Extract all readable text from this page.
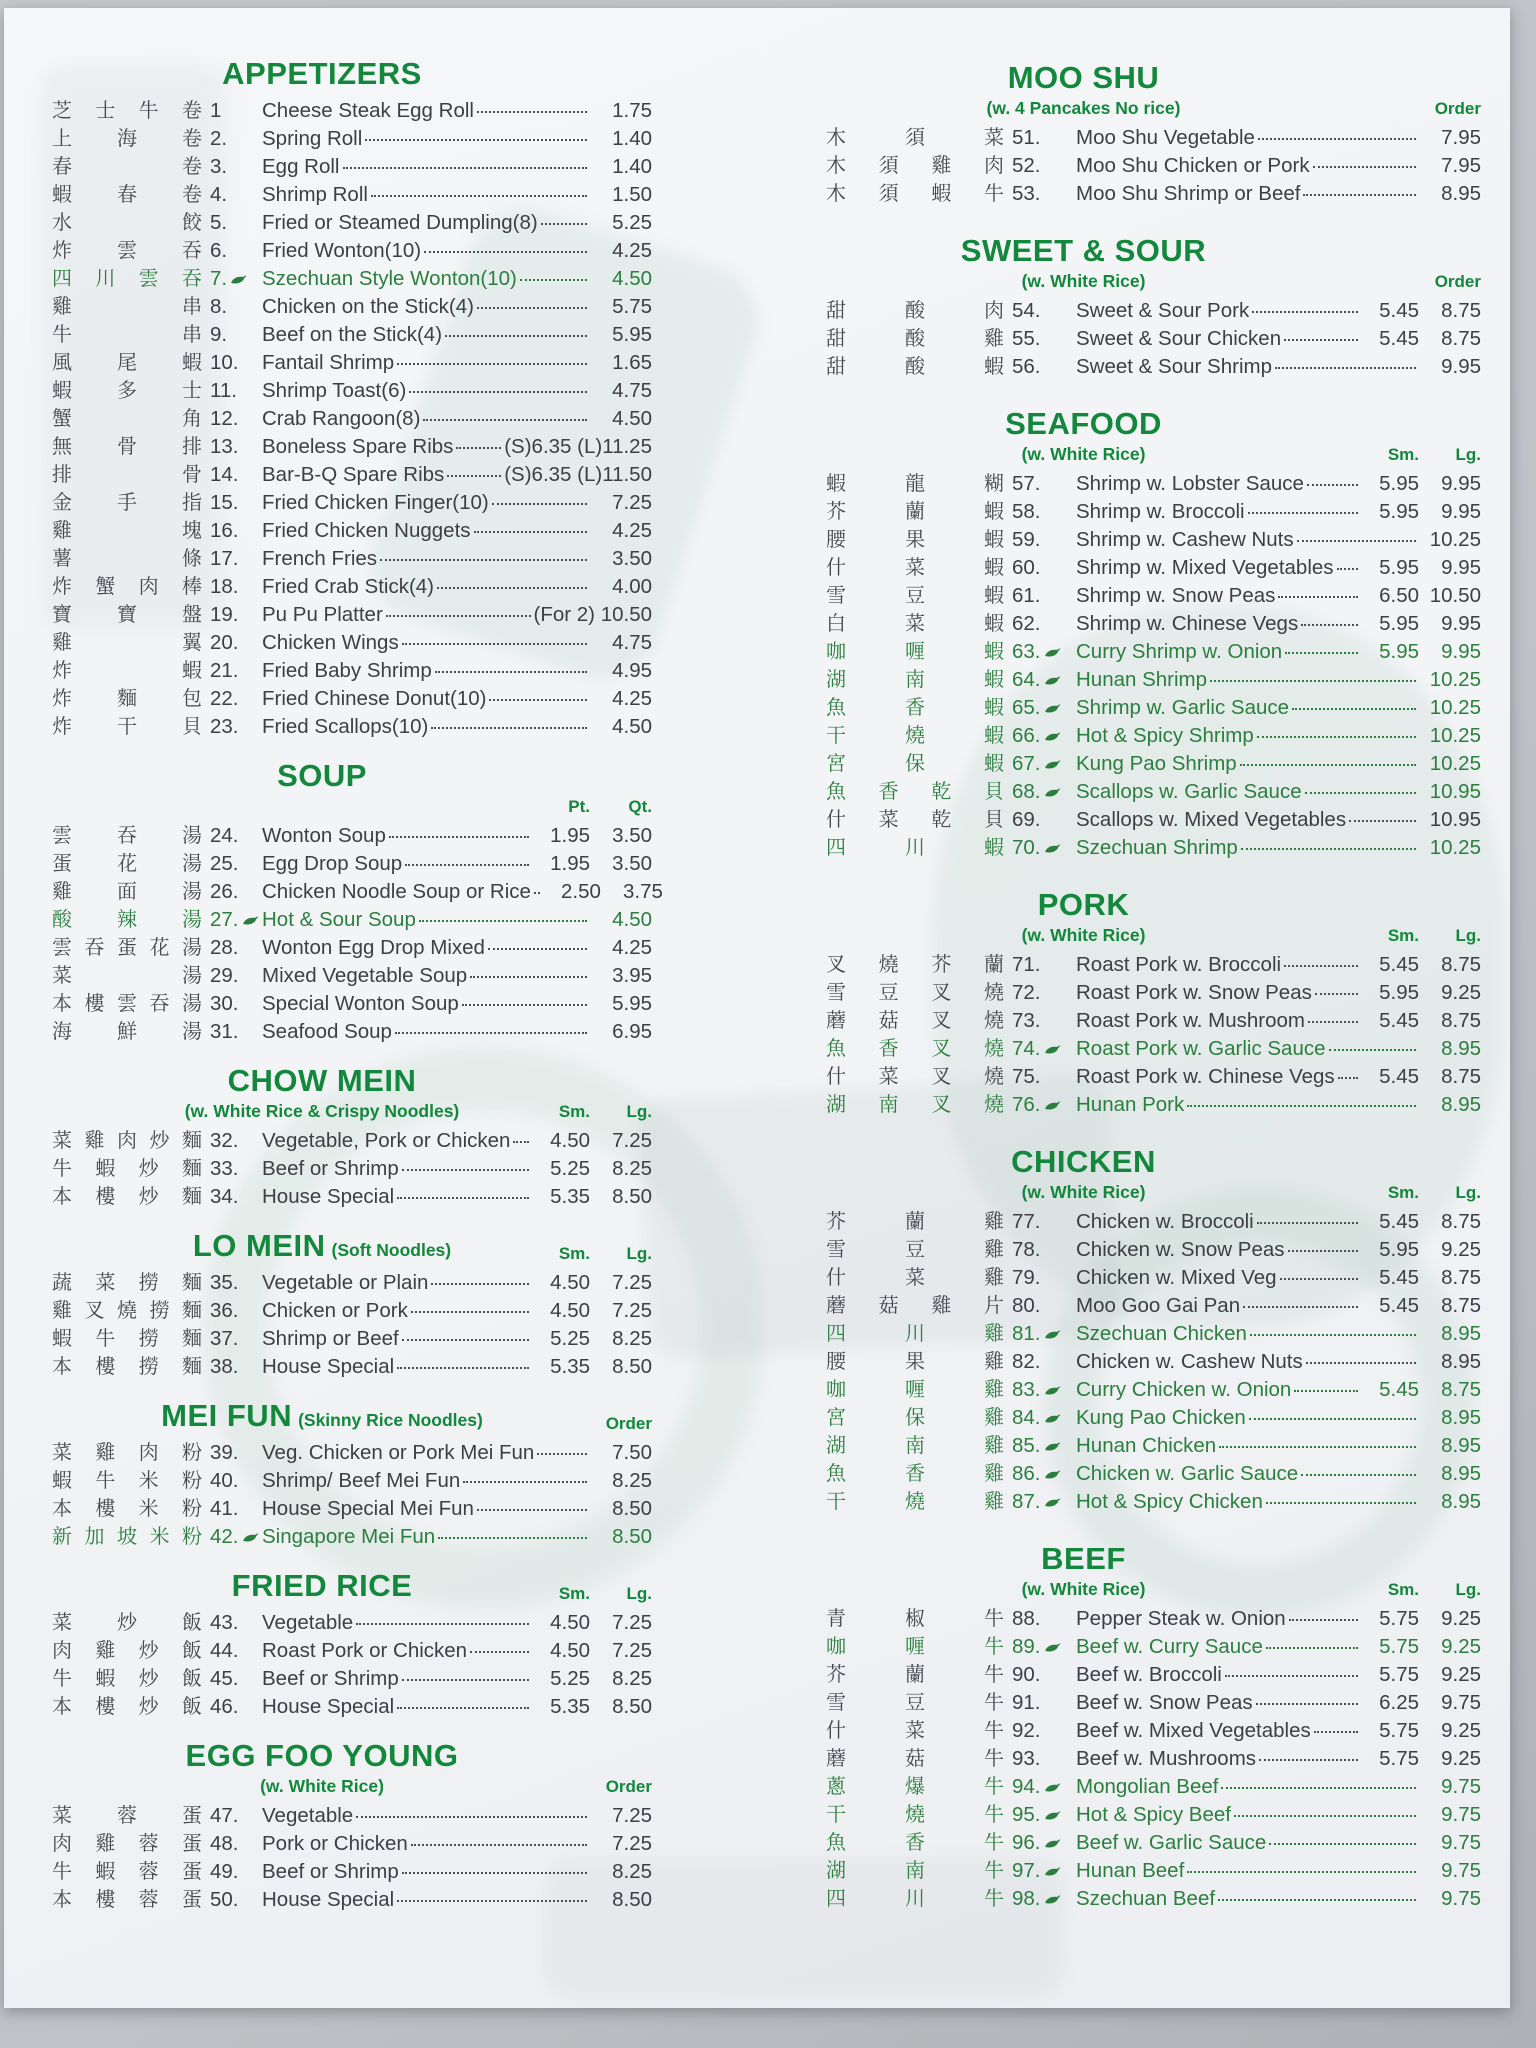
APPETIZERS
芝 士 牛 卷 1	Cheese Steak Egg Roll	1.75
上 海 卷 2.	Spring Roll	1.40
春	卷 3.	Egg Roll	1.40
蝦 春 卷 4.	Shrimp Roll	1.50
水	餃 5.	Fried or Steamed Dumpling(8)	5.25
炸 雲 吞 6.	Fried Wonton(10)	4.25
四 川 雲 吞 7.	Szechuan Style Wonton(10)	4.50
雞	串 8.	Chicken on the Stick(4)	5.75
牛	串 9.	Beef on the Stick(4)	5.95
風 尾 蝦 10.	Fantail Shrimp	1.65
蝦 多 士 11.	Shrimp Toast(6)	4.75
蟹	角 12.	Crab Rangoon(8)	4.50
無 骨 排 13.	Boneless Spare Ribs (S)6.35 (L)11.25
排	骨 14.	Bar-B-Q Spare Ribs	(S)6.35 (L)11.50
金 手 指 15.	Fried Chicken Finger(10)	7.25
雞	塊 16.	Fried Chicken Nuggets	4.25
薯	條 17.	French Fries	3.50
炸 蟹 肉 棒 18.	Fried Crab Stick(4)	4.00
寶 寶 盤 19.	Pu Pu Platter	(For 2) 10.50
雞	翼 20.	Chicken Wings	4.75
炸	蝦 21.	Fried Baby Shrimp	4.95
炸 麵 包 22.	Fried Chinese Donut(10)	4.25
炸 干 貝 23.	Fried Scallops(10)	4.50
SOUP
Pt.	Qt.
雲 吞 湯 24.	Wonton Soup	1.95	3.50
蛋 花 湯 25.	Egg Drop Soup	1.95	3.50
雞 面 湯 26.	Chicken Noodle Soup or Rice	2.50	3.75
酸 辣 湯 27.	Hot & Sour Soup	4.50
雲 吞 蛋 花 湯 28.	Wonton Egg Drop Mixed	4.25
菜	湯 29.	Mixed Vegetable Soup	3.95
本 樓 雲 吞 湯 30.	Special Wonton Soup	5.95
海 鮮 湯 31.	Seafood Soup	6.95
CHOW MEIN
(w. White Rice & Crispy Noodles)	Sm.	Lg.
菜 雞 肉 炒 麵 32.	Vegetable, Pork or Chicken	4.50	7.25
牛 蝦 炒 麵 33.	Beef or Shrimp	5.25	8.25
本 樓 炒 麵 34.	House Special	5.35	8.50
LO MEIN (Soft Noodles)	Sm.	Lg.
蔬 菜 撈 麵 35.	Vegetable or Plain	4.50	7.25
雞 叉 燒 撈 麵 36.	Chicken or Pork	4.50	7.25
蝦 牛 撈 麵 37.	Shrimp or Beef	5.25	8.25
本 樓 撈 麵 38.	House Special	5.35	8.50
MEI FUN (Skinny Rice Noodles)	Order
菜 雞 肉 粉 39.	Veg. Chicken or Pork Mei Fun	7.50
蝦 牛 米 粉 40.	Shrimp/ Beef Mei Fun	8.25
本 樓 米 粉 41.	House Special Mei Fun	8.50
新 加 坡 米 粉 42.	Singapore Mei Fun	8.50
FRIED RICE	Sm.	Lg.
菜 炒 飯 43.	Vegetable	4.50	7.25
肉 雞 炒 飯 44.	Roast Pork or Chicken	4.50	7.25
牛 蝦 炒 飯 45.	Beef or Shrimp	5.25	8.25
本 樓 炒 飯 46.	House Special	5.35	8.50
EGG FOO YOUNG
(w. White Rice)	Order
菜 蓉 蛋 47.	Vegetable	7.25
肉 雞 蓉 蛋 48.	Pork or Chicken	7.25
牛 蝦 蓉 蛋 49.	Beef or Shrimp	8.25
本 樓 蓉 蛋 50.	House Special	8.50
MOO SHU
(w. 4 Pancakes No rice)	Order
木	須	菜 51.	Moo Shu Vegetable	7.95
木 須 雞 肉 52.	Moo Shu Chicken or Pork	7.95
木 須 蝦 牛 53.	Moo Shu Shrimp or Beef	8.95
SWEET & SOUR
(w. White Rice)	Order
甜	酸	肉 54.	Sweet & Sour Pork	5.45	8.75
甜	酸	雞 55.	Sweet & Sour Chicken	5.45	8.75
甜	酸	蝦 56.	Sweet & Sour Shrimp	9.95
SEAFOOD
(w. White Rice)	Sm.	Lg.
蝦	龍	糊 57.	Shrimp w. Lobster Sauce	5.95	9.95
芥	蘭	蝦 58.	Shrimp w. Broccoli	5.95	9.95
腰	果	蝦 59.	Shrimp w. Cashew Nuts	10.25
什	菜	蝦 60.	Shrimp w. Mixed Vegetables	5.95	9.95
雪	豆	蝦 61.	Shrimp w. Snow Peas	6.50 10.50
白	菜	蝦 62.	Shrimp w. Chinese Vegs	5.95	9.95
咖	喱	蝦 63.	Curry Shrimp w. Onion	5.95	9.95
湖	南	蝦 64.	Hunan Shrimp	10.25
魚	香	蝦 65.	Shrimp w. Garlic Sauce	10.25
干	燒	蝦 66.	Hot & Spicy Shrimp	10.25
宮	保	蝦 67.	Kung Pao Shrimp	10.25
魚 香 乾 貝 68.	Scallops w. Garlic Sauce	10.95
什 菜 乾 貝 69.	Scallops w. Mixed Vegetables	10.95
四	川	蝦 70.	Szechuan Shrimp	10.25
PORK
(w. White Rice)	Sm.	Lg.
叉 燒 芥 蘭 71.	Roast Pork w. Broccoli	5.45	8.75
雪 豆 叉 燒 72.	Roast Pork w. Snow Peas	5.95	9.25
蘑 菇 叉 燒 73.	Roast Pork w. Mushroom	5.45	8.75
魚 香 叉 燒 74.	Roast Pork w. Garlic Sauce	8.95
什 菜 叉 燒 75.	Roast Pork w. Chinese Vegs	5.45	8.75
湖 南 叉 燒 76.	Hunan Pork	8.95
CHICKEN
(w. White Rice)	Sm.	Lg.
芥	蘭	雞 77.	Chicken w. Broccoli	5.45	8.75
雪	豆	雞 78.	Chicken w. Snow Peas	5.95	9.25
什	菜	雞 79.	Chicken w. Mixed Veg	5.45	8.75
蘑 菇 雞 片 80.	Moo Goo Gai Pan	5.45	8.75
四	川	雞 81.	Szechuan Chicken	8.95
腰	果	雞 82.	Chicken w. Cashew Nuts	8.95
咖	喱	雞 83.	Curry Chicken w. Onion	5.45	8.75
宮	保	雞 84.	Kung Pao Chicken	8.95
湖	南	雞 85.	Hunan Chicken	8.95
魚	香	雞 86.	Chicken w. Garlic Sauce	8.95
干	燒	雞 87.	Hot & Spicy Chicken	8.95
BEEF
(w. White Rice)	Sm.	Lg.
青	椒	牛 88.	Pepper Steak w. Onion	5.75	9.25
咖	喱	牛 89.	Beef w. Curry Sauce	5.75	9.25
芥	蘭	牛 90.	Beef w. Broccoli	5.75	9.25
雪	豆	牛 91.	Beef w. Snow Peas	6.25	9.75
什	菜	牛 92.	Beef w. Mixed Vegetables	5.75	9.25
蘑	菇	牛 93.	Beef w. Mushrooms	5.75	9.25
蔥	爆	牛 94.	Mongolian Beef	9.75
干	燒	牛 95.	Hot & Spicy Beef	9.75
魚	香	牛 96.	Beef w. Garlic Sauce	9.75
湖	南	牛 97.	Hunan Beef	9.75
四	川	牛 98.	Szechuan Beef	9.75
